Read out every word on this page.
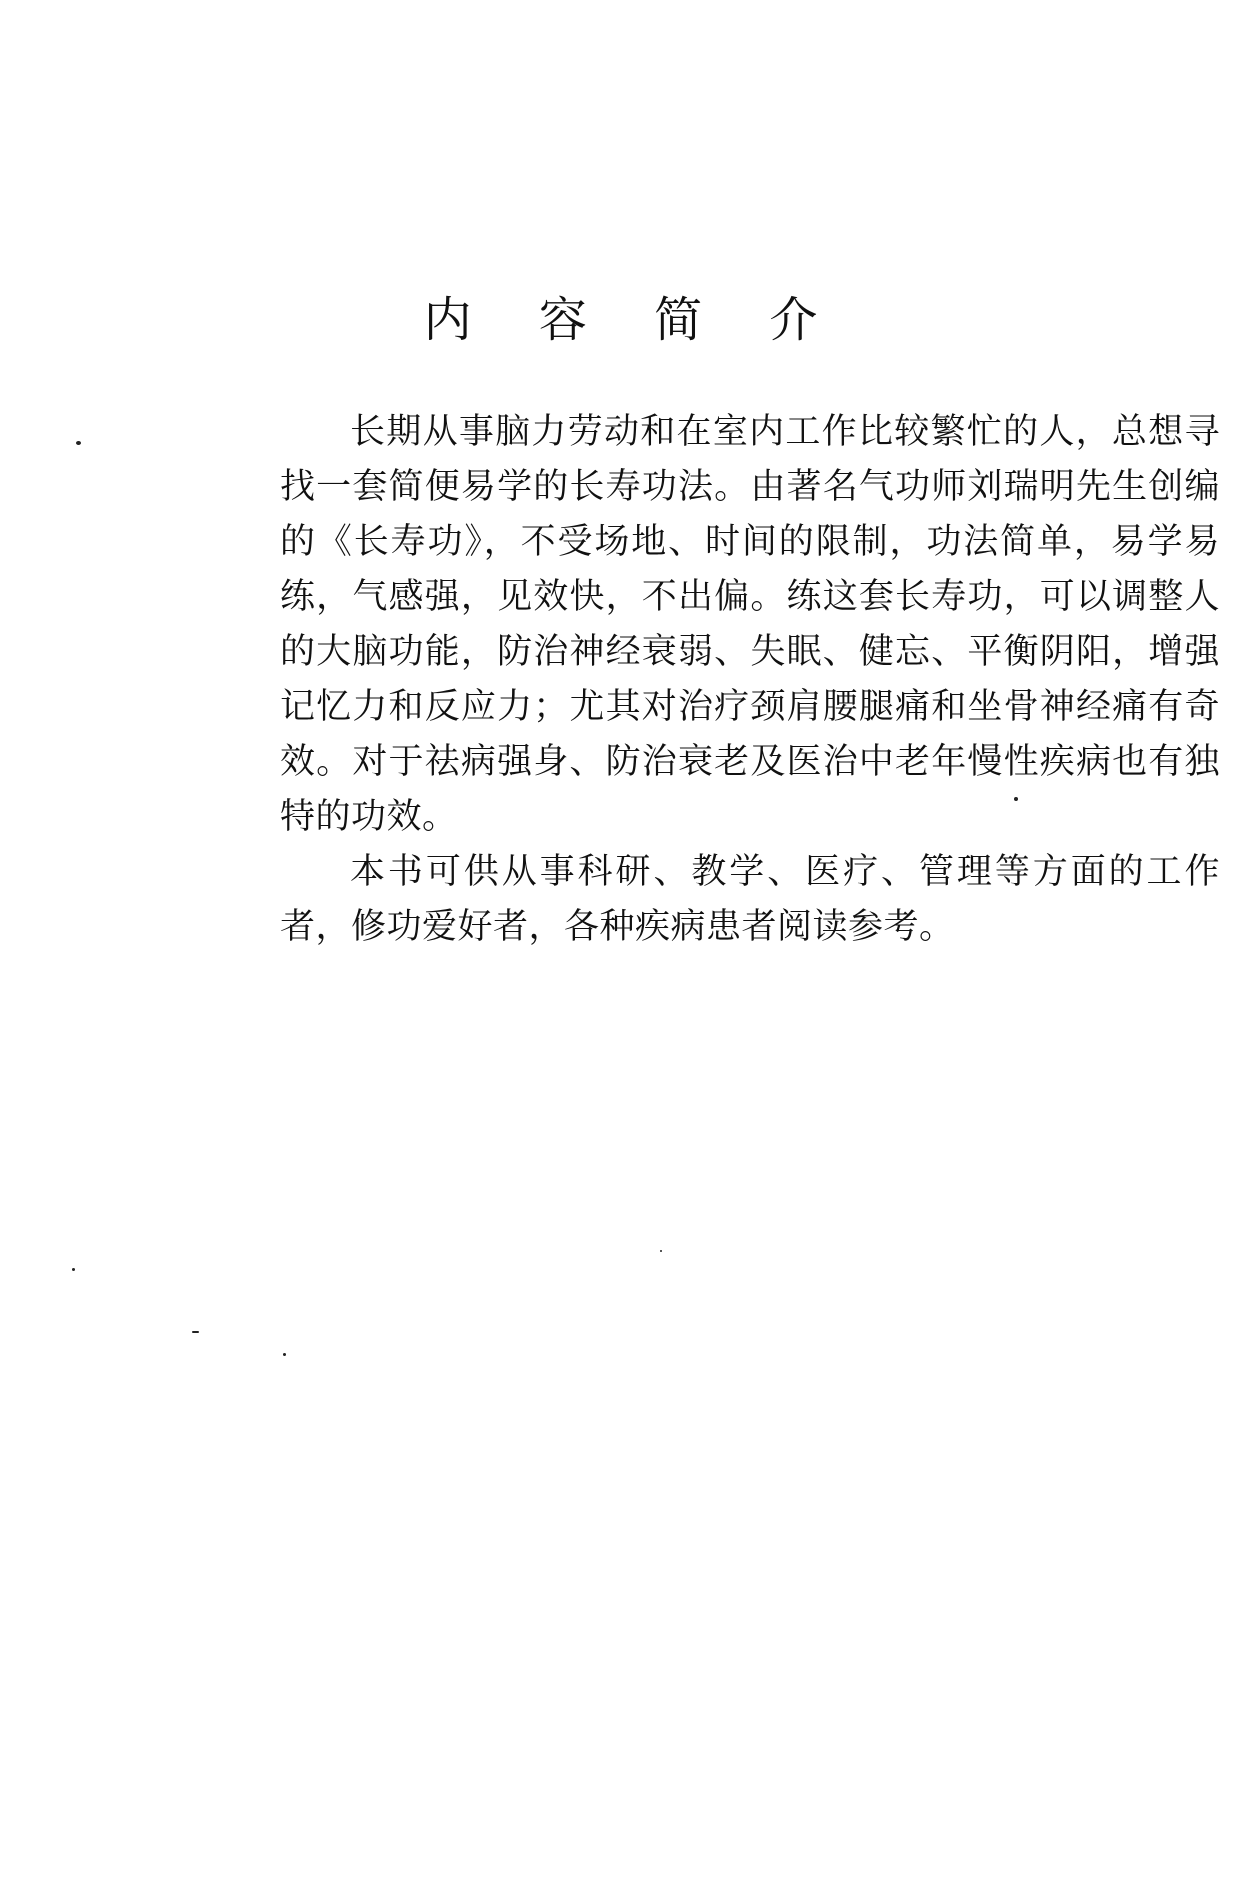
内 容 简 介

长期从事脑力劳动和在室内工作比较繁忙的人，总想寻找一套简便易学的长寿功法。由著名气功师刘瑞明先生创编的《长寿功》，不受场地、时间的限制，功法简单，易学易练，气感强，见效快，不出偏。练这套长寿功，可以调整人的大脑功能，防治神经衰弱、失眠、健忘、平衡阴阳，增强记忆力和反应力；尤其对治疗颈肩腰腿痛和坐骨神经痛有奇效。对于祛病强身、防治衰老及医治中老年慢性疾病也有独特的功效。

本书可供从事科研、教学、医疗、管理等方面的工作者，修功爱好者，各种疾病患者阅读参考。
